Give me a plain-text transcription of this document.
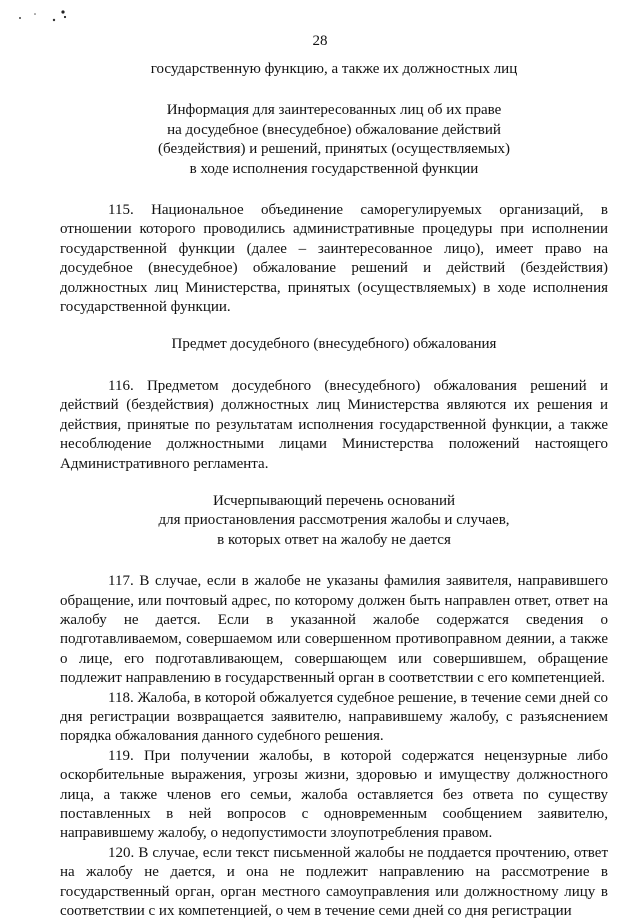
28
государственную функцию, а также их должностных лиц
Информация для заинтересованных лиц об их праве
на досудебное (внесудебное) обжалование действий
(бездействия) и решений, принятых (осуществляемых)
в ходе исполнения государственной функции
115. Национальное объединение саморегулируемых организаций, в отношении которого проводились административные процедуры при исполнении государственной функции (далее – заинтересованное лицо), имеет право на досудебное (внесудебное) обжалование решений и действий (бездействия) должностных лиц Министерства, принятых (осуществляемых) в ходе исполнения государственной функции.
Предмет досудебного (внесудебного) обжалования
116. Предметом досудебного (внесудебного) обжалования решений и действий (бездействия) должностных лиц Министерства являются их решения и действия, принятые по результатам исполнения государственной функции, а также несоблюдение должностными лицами Министерства положений настоящего Административного регламента.
Исчерпывающий перечень оснований
для приостановления рассмотрения жалобы и случаев,
в которых ответ на жалобу не дается
117. В случае, если в жалобе не указаны фамилия заявителя, направившего обращение, или почтовый адрес, по которому должен быть направлен ответ, ответ на жалобу не дается. Если в указанной жалобе содержатся сведения о подготавливаемом, совершаемом или совершенном противоправном деянии, а также о лице, его подготавливающем, совершающем или совершившем, обращение подлежит направлению в государственный орган в соответствии с его компетенцией.
118. Жалоба, в которой обжалуется судебное решение, в течение семи дней со дня регистрации возвращается заявителю, направившему жалобу, с разъяснением порядка обжалования данного судебного решения.
119. При получении жалобы, в которой содержатся нецензурные либо оскорбительные выражения, угрозы жизни, здоровью и имуществу должностного лица, а также членов его семьи, жалоба оставляется без ответа по существу поставленных в ней вопросов с одновременным сообщением заявителю, направившему жалобу, о недопустимости злоупотребления правом.
120. В случае, если текст письменной жалобы не поддается прочтению, ответ на жалобу не дается, и она не подлежит направлению на рассмотрение в государственный орган, орган местного самоуправления или должностному лицу в соответствии с их компетенцией, о чем в течение семи дней со дня регистрации
